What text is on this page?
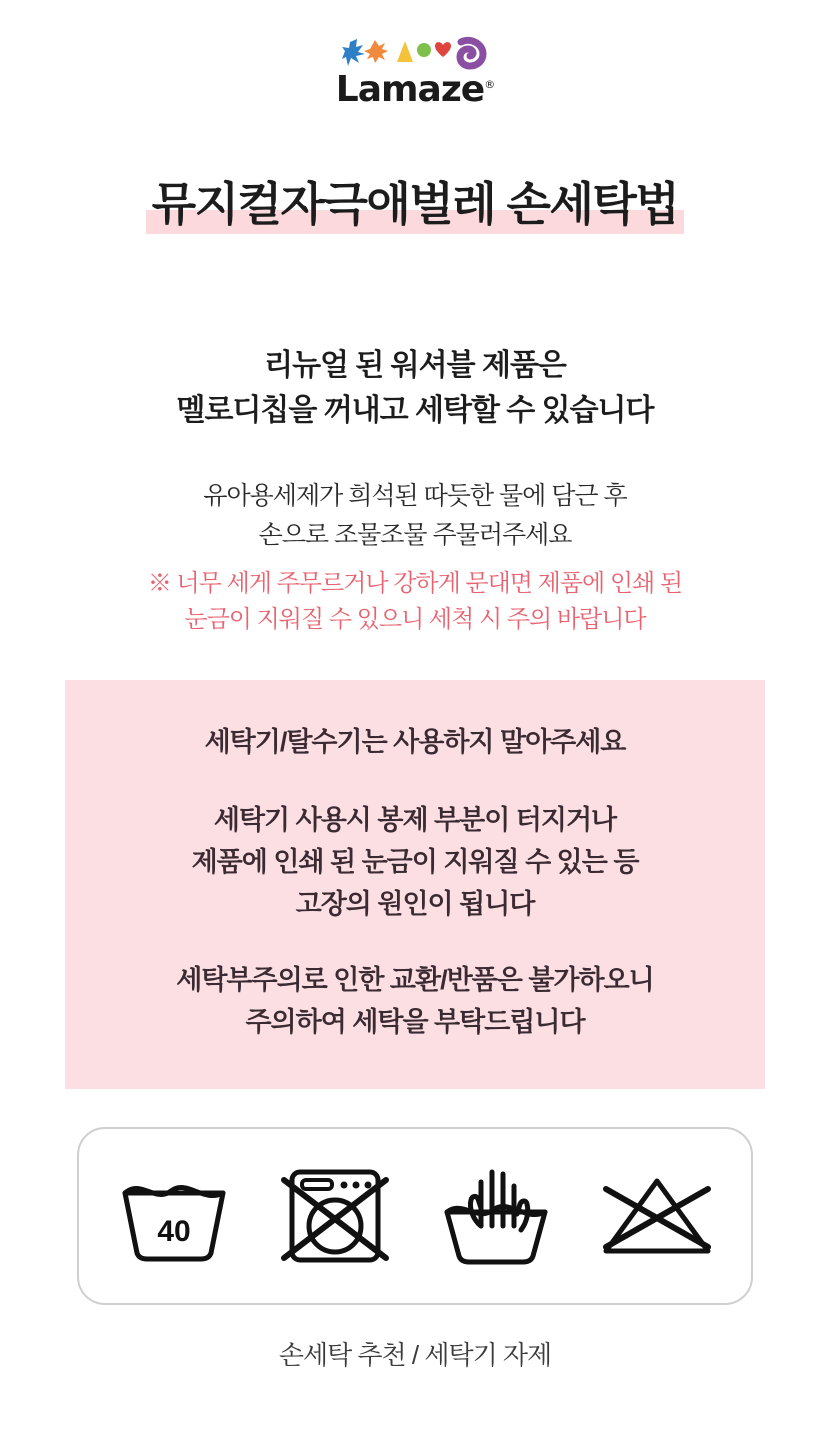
Lamaze®
뮤지컬자극애벌레 손세탁법
리뉴얼 된 워셔블 제품은
멜로디칩을 꺼내고 세탁할 수 있습니다
유아용세제가 희석된 따듯한 물에 담근 후
손으로 조물조물 주물러주세요
※ 너무 세게 주무르거나 강하게 문대면 제품에 인쇄 된
눈금이 지워질 수 있으니 세척 시 주의 바랍니다
세탁기/탈수기는 사용하지 말아주세요
세탁기 사용시 봉제 부분이 터지거나
제품에 인쇄 된 눈금이 지워질 수 있는 등
고장의 원인이 됩니다
세탁부주의로 인한 교환/반품은 불가하오니
주의하여 세탁을 부탁드립니다
40
손세탁 추천 / 세탁기 자제
